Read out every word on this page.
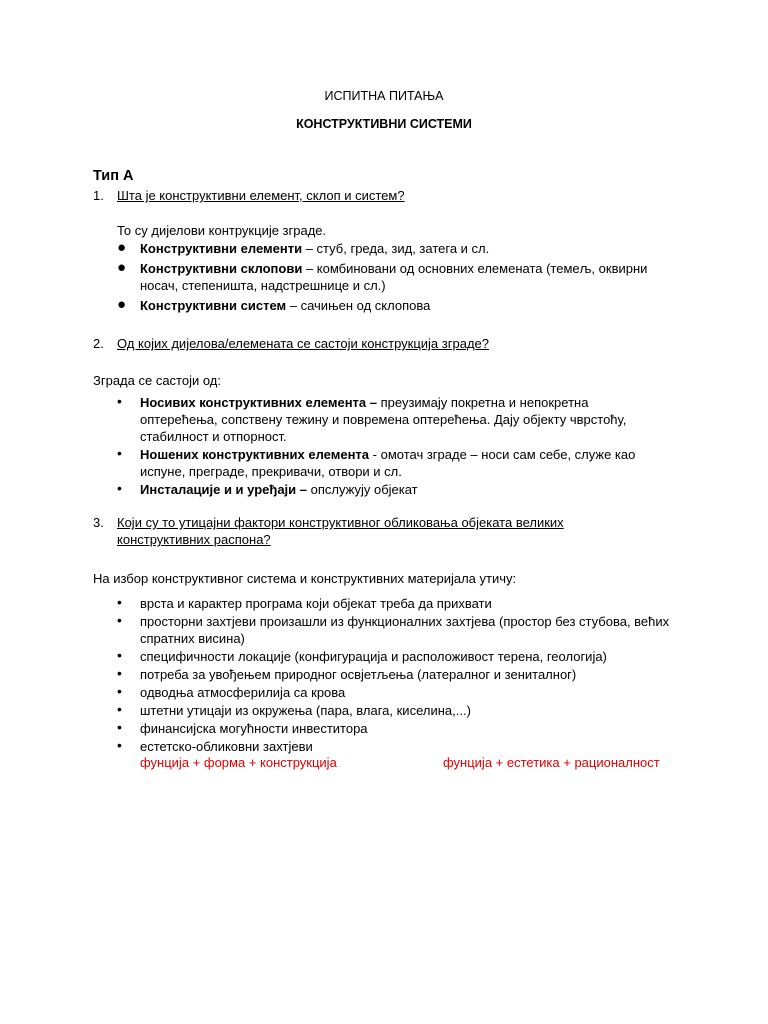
ИСПИТНА ПИТАЊА
КОНСТРУКТИВНИ СИСТЕМИ
Тип А
1. Шта је конструктивни елемент, склоп и систем?
То су дијелови контрукције зграде.
● Конструктивни елементи – стуб, греда, зид, затега и сл.
● Конструктивни склопови – комбиновани од основних елемената (темељ, оквирни носач, степеништа, надстрешнице и сл.)
● Конструктивни систем – сачињен од склопова
2. Од којих дијелова/елемената се састоји конструкција зграде?
Зграда се састоји од:
• Носивих конструктивних елемента – преузимају покретна и непокретна оптерећења, сопствену тежину и повремена оптерећења. Дају објекту чврстоћу, стабилност и отпорност.
• Ношених конструктивних елемента - омотач зграде – носи сам себе, служе као испуне, преграде, прекривачи, отвори и сл.
• Инсталације и и уређаји – опслужују објекат
3. Који су то утицајни фактори конструктивног обликовања објеката великих конструктивних распона?
На избор конструктивног система и конструктивних материјала утичу:
• врста и карактер програма који објекат треба да прихвати
• просторни захтјеви произашли из функционалних захтјева (простор без стубова, већих спратних висина)
• специфичности локације (конфигурација и расположивост терена, геологија)
• потреба за увођењем природног освјетљења (латералног и зениталног)
• одводња атмосферилија са крова
• штетни утицаји из окружења (пара, влага, киселина,...)
• финансијска могућности инвеститора
• естетско-обликовни захтјеви
фунција + форма + конструкција	фунција + естетика + рационалност
